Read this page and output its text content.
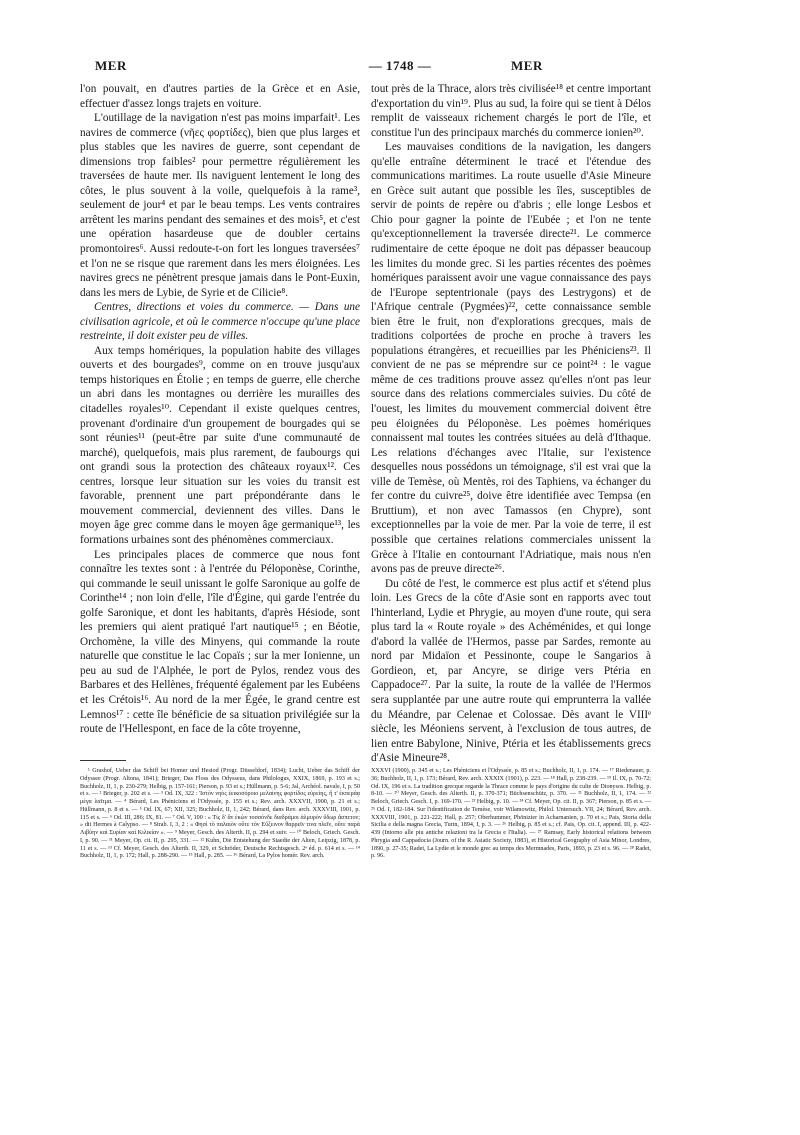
MER	— 1748 —	MER

l'on pouvait, en d'autres parties de la Grèce et en Asie, effectuer d'assez longs trajets en voiture.

L'outillage de la navigation n'est pas moins imparfait¹. Les navires de commerce (νῆες φορτίδες), bien que plus larges et plus stables que les navires de guerre, sont cependant de dimensions trop faibles² pour permettre régulièrement les traversées de haute mer. Ils naviguent lentement le long des côtes, le plus souvent à la voile, quelquefois à la rame³, seulement de jour⁴ et par le beau temps. Les vents contraires arrêtent les marins pendant des semaines et des mois⁵, et c'est une opération hasardeuse que de doubler certains promontoires⁶. Aussi redoute-t-on fort les longues traversées⁷ et l'on ne se risque que rarement dans les mers éloignées. Les navires grecs ne pénètrent presque jamais dans le Pont-Euxin, dans les mers de Lybie, de Syrie et de Cilicie⁸.

Centres, directions et voies du commerce. — Dans une civilisation agricole, et où le commerce n'occupe qu'une place restreinte, il doit exister peu de villes.

Aux temps homériques, la population habite des villages ouverts et des bourgades⁹, comme on en trouve jusqu'aux temps historiques en Étolie ; en temps de guerre, elle cherche un abri dans les montagnes ou derrière les murailles des citadelles royales¹⁰. Cependant il existe quelques centres, provenant d'ordinaire d'un groupement de bourgades qui se sont réunies¹¹ (peut-être par suite d'une communauté de marché), quelquefois, mais plus rarement, de faubourgs qui ont grandi sous la protection des châteaux royaux¹². Ces centres, lorsque leur situation sur les voies du transit est favorable, prennent une part prépondérante dans le mouvement commercial, deviennent des villes. Dans le moyen âge grec comme dans le moyen âge germanique¹³, les formations urbaines sont des phénomènes commerciaux.

Les principales places de commerce que nous font connaître les textes sont : à l'entrée du Péloponèse, Corinthe, qui commande le seuil unissant le golfe Saronique au golfe de Corinthe¹⁴ ; non loin d'elle, l'île d'Égine, qui garde l'entrée du golfe Saronique, et dont les habitants, d'après Hésiode, sont les premiers qui aient pratiqué l'art nautique¹⁵ ; en Béotie, Orchomène, la ville des Minyens, qui commande la route naturelle que constitue le lac Copaïs ; sur la mer Ionienne, un peu au sud de l'Alphée, le port de Pylos, rendez vous des Barbares et des Hellènes, fréquenté également par les Eubéens et les Crétois¹⁶. Au nord de la mer Égée, le grand centre est Lemnos¹⁷ : cette île bénéficie de sa situation privilégiée sur la route de l'Hellespont, en face de la côte troyenne,

tout près de la Thrace, alors très civilisée¹⁸ et centre important d'exportation du vin¹⁹. Plus au sud, la foire qui se tient à Délos remplit de vaisseaux richement chargés le port de l'île, et constitue l'un des principaux marchés du commerce ionien²⁰.

Les mauvaises conditions de la navigation, les dangers qu'elle entraîne déterminent le tracé et l'étendue des communications maritimes. La route usuelle d'Asie Mineure en Grèce suit autant que possible les îles, susceptibles de servir de points de repère ou d'abris ; elle longe Lesbos et Chio pour gagner la pointe de l'Eubée ; et l'on ne tente qu'exceptionnellement la traversée directe²¹. Le commerce rudimentaire de cette époque ne doit pas dépasser beaucoup les limites du monde grec. Si les parties récentes des poèmes homériques paraissent avoir une vague connaissance des pays de l'Europe septentrionale (pays des Lestrygons) et de l'Afrique centrale (Pygmées)²², cette connaissance semble bien être le fruit, non d'explorations grecques, mais de traditions colportées de proche en proche à travers les populations étrangères, et recueillies par les Phéniciens²³. Il convient de ne pas se méprendre sur ce point²⁴ : le vague même de ces traditions prouve assez qu'elles n'ont pas leur source dans des relations commerciales suivies. Du côté de l'ouest, les limites du mouvement commercial doivent être peu éloignées du Péloponèse. Les poèmes homériques connaissent mal toutes les contrées situées au delà d'Ithaque. Les relations d'échanges avec l'Italie, sur l'existence desquelles nous possédons un témoignage, s'il est vrai que la ville de Temèse, où Mentès, roi des Taphiens, va échanger du fer contre du cuivre²⁵, doive être identifiée avec Tempsa (en Bruttium), et non avec Tamassos (en Chypre), sont exceptionnelles par la voie de mer. Par la voie de terre, il est possible que certaines relations commerciales unissent la Grèce à l'Italie en contournant l'Adriatique, mais nous n'en avons pas de preuve directe²⁶.

Du côté de l'est, le commerce est plus actif et s'étend plus loin. Les Grecs de la côte d'Asie sont en rapports avec tout l'hinterland, Lydie et Phrygie, au moyen d'une route, qui sera plus tard la « Route royale » des Achéménides, et qui longe d'abord la vallée de l'Hermos, passe par Sardes, remonte au nord par Midaïon et Pessinonte, coupe le Sangarios à Gordieon, et, par Ancyre, se dirige vers Ptéria en Cappadoce²⁷. Par la suite, la route de la vallée de l'Hermos sera supplantée par une autre route qui emprunterra la vallée du Méandre, par Celenae et Colossae. Dès avant le VIIIᵉ siècle, les Méoniens servent, à l'exclusion de tous autres, de lien entre Babylone, Ninive, Ptéria et les établissements grecs d'Asie Mineure²⁸.

¹ Grashof, Ueber das Schiff bei Homer und Hesiod (Progr. Düsseldorf, 1834); Lucht, Ueber das Schiff der Odyssee (Progr. Altona, 1841); Brieger, Das Floss des Odysseus, dans Philologus, XXIX, 1869, p. 193 et s.; Buchholz, II, 1, p. 230-279; Helbig, p. 157-161; Pierson, p. 93 et s.; Hüllmann, p. 5-6; Jal, Archéol. navale, I, p. 50 et s. — ² Brieger, p. 202 et s. — ³ Od. IX, 322 : Ἱστὸν νηὸς ἐεικοσόροιο μελαίνης φορτίδος εὐρείης, ἥ τ' ἐκπεράᾳ μέγα λαῖτμα. — ⁴ Bérard, Les Phéniciens et l'Odyssée, p. 155 et s.; Rev. arch. XXXVII, 1900, p. 21 et s.; Hüllmann, p. 8 et s. — ⁵ Od. IX, 67; XII, 325; Buchholz, II, 1, 242; Bérard, dans Rev. arch. XXXVIII, 1901, p. 115 et s. — ⁶ Od. III, 286; IX, 81. — ⁷ Od. V, 100 : « Τίς δ' ἂν ἑκὼν τοσσόνδε διαδράμοι ἁλμυρὸν ὕδωρ ἄσπετον; » dit Hermes à Calypso. — ⁸ Strab. I, 3, 2 : « Φησὶ τὸ παλαιὸν οὔτε τὸν Εὔξεινον θαρρεῖν τινα πλεῖν, οὔτε παρὰ Λιβύην καὶ Συρίαν καὶ Κιλικίαν ». — ⁹ Meyer, Gesch. des Alterth. II, p. 294 et suiv. — ¹⁰ Beloch, Griech. Gesch. I, p. 90. — ¹¹ Meyer, Op. cit. II, p. 295, 331. — ¹² Kuhn, Die Entstehung der Staedte der Alten, Leipzig, 1878, p. 11 et s. — ¹³ Cf. Meyer, Gesch. des Alterth. II, 329, et Schröder, Deutsche Rechtsgesch. 2ᵉ éd. p. 614 et s. — ¹⁴ Buchholz, II, 1, p. 172; Hall, p. 288-290. — ¹⁵ Hall, p. 285. — ¹⁶ Bérard, La Pylos homér. Rev. arch.

XXXVI (1900), p. 345 et s.; Les Phéniciens et l'Odyssée, p. 85 et s.; Buchholz, II, 1, p. 174. — ¹⁷ Riedenauer, p. 36; Buchholz, II, 1, p. 173; Bérard, Rev. arch. XXXIX (1901), p. 223. — ¹⁸ Hall, p. 238-239. — ¹⁹ Il. IX, p. 70-72; Od. IX, 196 et s. La tradition grecque regarde la Thrace comme le pays d'origine du culte de Dionysos. Helbig, p. 8-10. — ²⁰ Meyer, Gesch. des Alterth. II, p. 370-371; Büchsenschütz, p. 370. — ²¹ Buchholz, II, 1, 174. — ²² Beloch, Griech. Gesch. I, p. 169-170. — ²³ Helbig, p. 10. — ²⁴ Cf. Meyer, Op. cit. II, p. 367; Pierson, p. 85 et s. — ²⁵ Od. I, 182-184. Sur l'identification de Temèse, voir Wilamowitz, Philol. Untersuch. VII, 24; Bérard, Rev. arch. XXXVIII, 1901, p. 221-222; Hall, p. 257; Oberhummer, Phönizier in Acharnanien, p. 70 et s.; Pais, Storia della Sicilia e della magna Grecia, Turin, 1894, I, p. 3. — ²⁶ Helbig, p. 85 et s.; cf. Pais, Op. cit. I, append. III, p. 422-439 (Intorno alle piu antiche relazioni tra la Grecia e l'Italia). — ²⁷ Ramsay, Early historical relations between Phrygia and Cappadocia (Journ. of the R. Asiatic Society, 1883), et Historical Geography of Asia Minor, Londres, 1890, p. 27-35; Radet, La Lydie et le monde grec au temps des Mermnades, Paris, 1893, p. 23 et s. 96. — ²⁸ Radet, p. 96.
